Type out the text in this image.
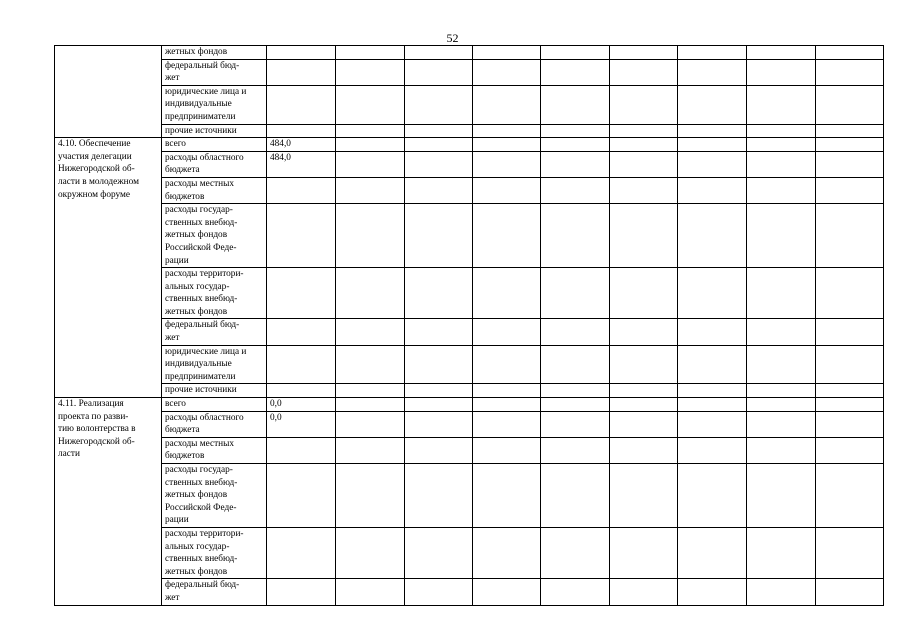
52

	жетных фондов									

	федеральный бюд-
жет									

	юридические лица и
индивидуальные
предприниматели									

	прочие источники									

4.10. Обеспечение
участия делегации
Нижегородской об-
ласти в молодежном
окружном форуме	всего	484,0								

	расходы областного
бюджета	484,0								

	расходы местных
бюджетов									

	расходы государ-
ственных внебюд-
жетных фондов
Российской Феде-
рации									

	расходы территори-
альных государ-
ственных внебюд-
жетных фондов									

	федеральный бюд-
жет									

	юридические лица и
индивидуальные
предприниматели									

	прочие источники									

4.11. Реализация
проекта по разви-
тию волонтерства в
Нижегородской об-
ласти	всего	0,0								

	расходы областного
бюджета	0,0								

	расходы местных
бюджетов									

	расходы государ-
ственных внебюд-
жетных фондов
Российской Феде-
рации									

	расходы территори-
альных государ-
ственных внебюд-
жетных фондов									

	федеральный бюд-
жет									
